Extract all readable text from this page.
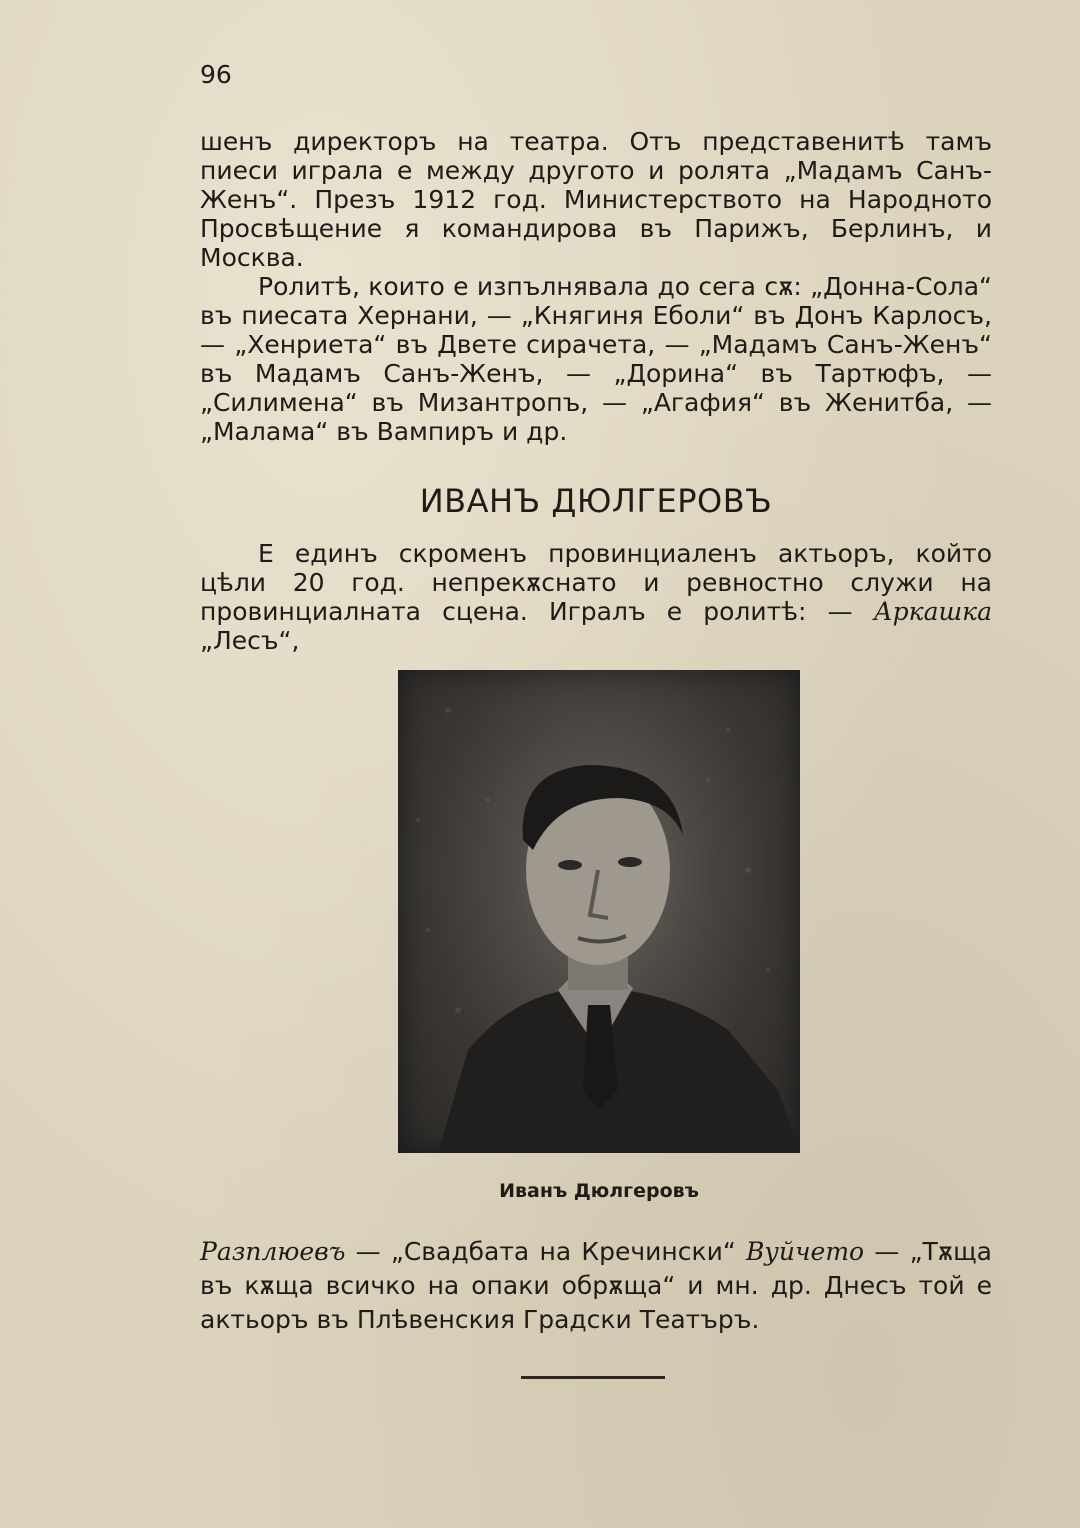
96

шенъ директоръ на театра. Отъ представенитѣ тамъ пиеси играла е между другото и ролята „Мадамъ Санъ-Женъ“. Презъ 1912 год. Министерството на Народното Просвѣщение я командирова въ Парижъ, Берлинъ, и Москва.

Ролитѣ, които е изпълнявала до сега сѫ: „Донна-Сола“ въ пиесата Хернани, — „Княгиня Еболи“ въ Донъ Карлосъ, — „Хенриета“ въ Двете сирачета, — „Мадамъ Санъ-Женъ“ въ Мадамъ Санъ-Женъ, — „Дорина“ въ Тартюфъ, — „Силимена“ въ Мизантропъ, — „Агафия“ въ Женитба, — „Малама“ въ Вампиръ и др.

ИВАНЪ ДЮЛГЕРОВЪ

Е единъ скроменъ провинциаленъ актьоръ, който цѣли 20 год. непрекѫснато и ревностно служи на провинциалната сцена. Игралъ е ролитѣ: — Аркашка „Лесъ“,

Иванъ Дюлгеровъ

Разплюевъ — „Свадбата на Кречински“ Вуйчето — „Тѫща въ кѫща всичко на опаки обрѫща“ и мн. др. Днесъ той е актьоръ въ Плѣвенския Градски Театъръ.
